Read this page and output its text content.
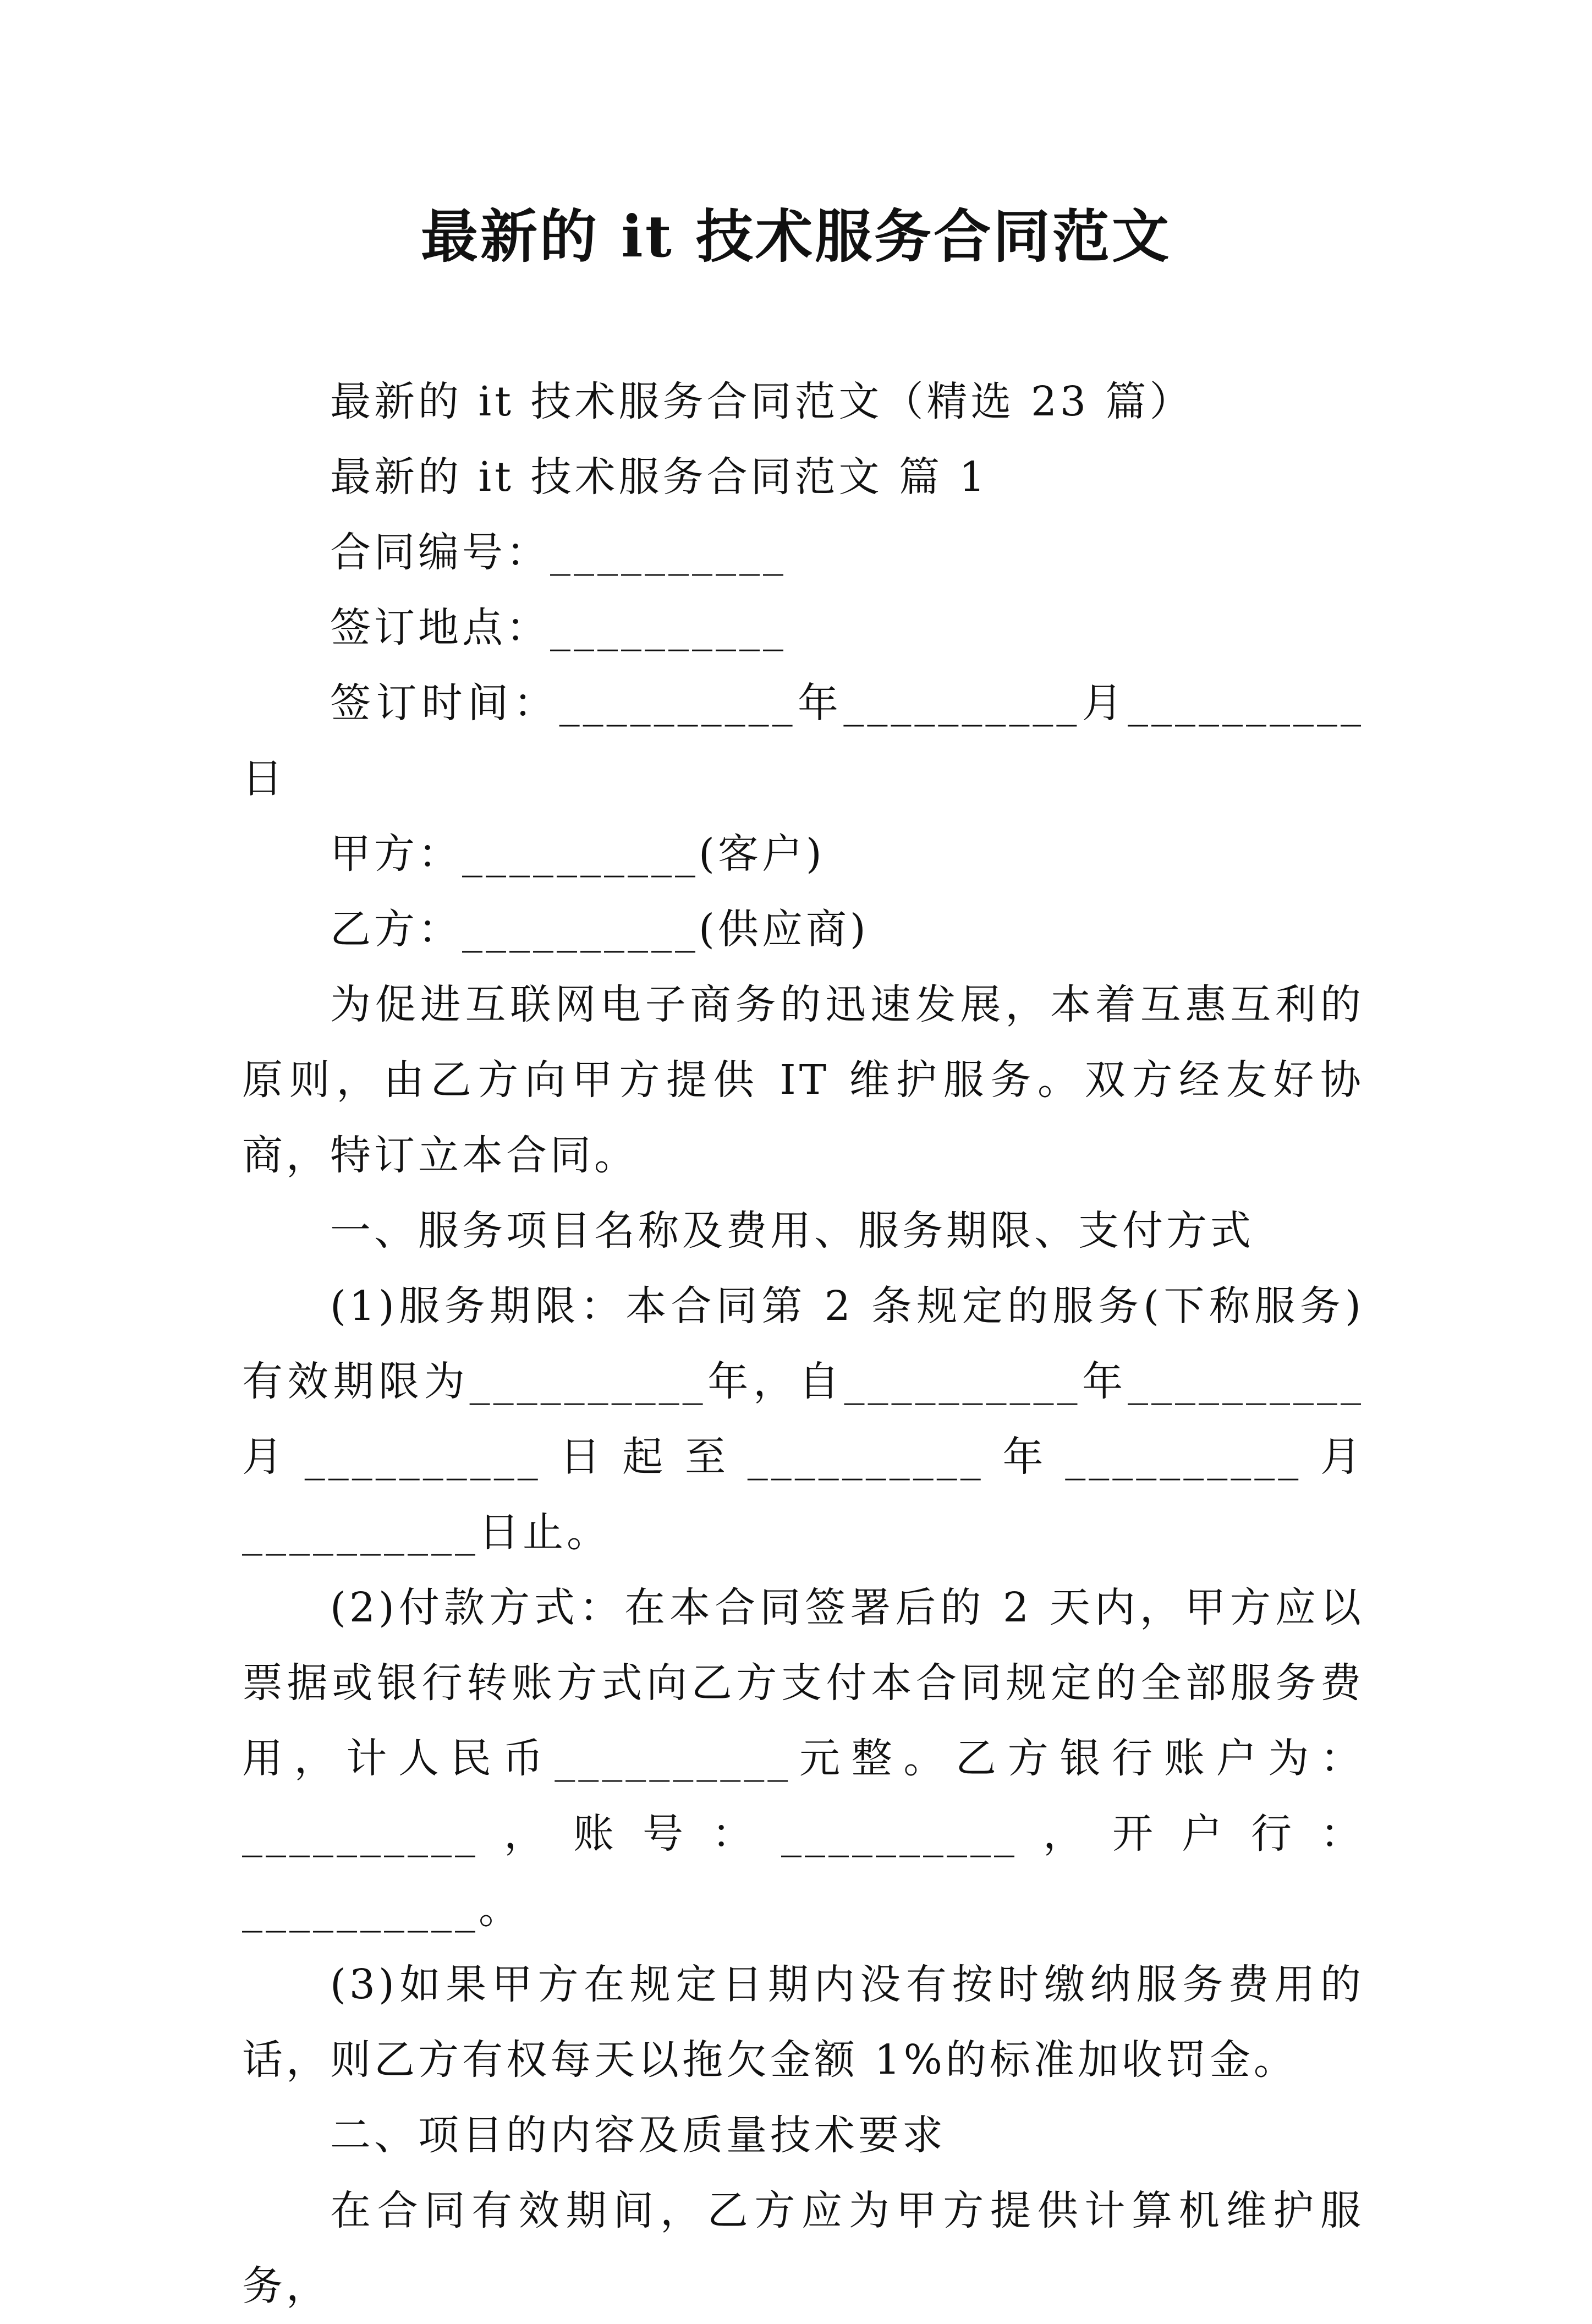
最新的 it 技术服务合同范文

最新的 it 技术服务合同范文（精选 23 篇）

最新的 it 技术服务合同范文 篇 1

合同编号：__________

签订地点：__________

签订时间：__________年__________月__________日

甲方：__________(客户)

乙方：__________(供应商)

为促进互联网电子商务的迅速发展，本着互惠互利的原则，由乙方向甲方提供 IT 维护服务。双方经友好协商，特订立本合同。

一、服务项目名称及费用、服务期限、支付方式

(1)服务期限：本合同第 2 条规定的服务(下称服务)有效期限为__________年，自__________年__________月__________日起至__________年__________月__________日止。

(2)付款方式：在本合同签署后的 2 天内，甲方应以票据或银行转账方式向乙方支付本合同规定的全部服务费用，计人民币__________元整。乙方银行账户为：__________，账号：__________，开户行：__________。

(3)如果甲方在规定日期内没有按时缴纳服务费用的话，则乙方有权每天以拖欠金额 1%的标准加收罚金。

二、项目的内容及质量技术要求

在合同有效期间，乙方应为甲方提供计算机维护服务，
